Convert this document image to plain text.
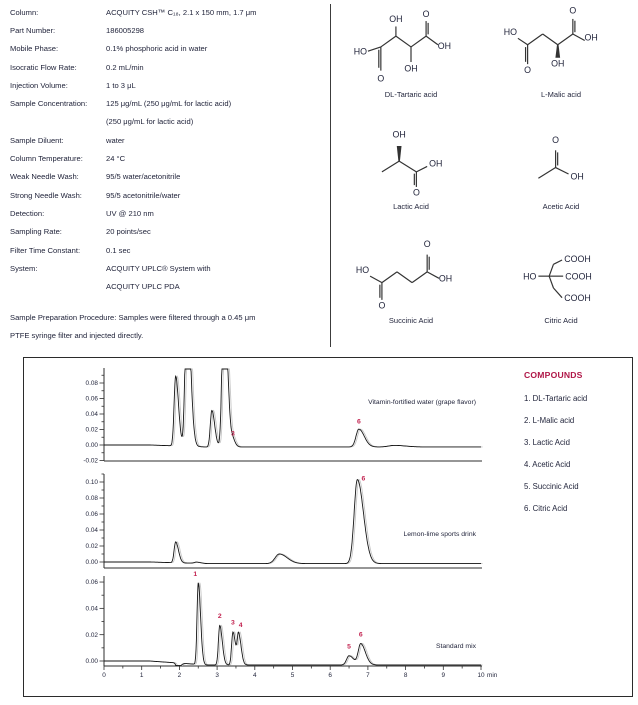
Column:	ACQUITY CSH™ C₁₈, 2.1 x 150 mm, 1.7 μm
Part Number:	186005298
Mobile Phase:	0.1% phosphoric acid in water
Isocratic Flow Rate:	0.2 mL/min
Injection Volume:	1 to 3 μL
Sample Concentration:	125 μg/mL (250 μg/mL for lactic acid)
(250 μg/mL for lactic acid)
Sample Diluent:	water
Column Temperature:	24 °C
Weak Needle Wash:	95/5 water/acetonitrile
Strong Needle Wash:	95/5 acetonitrile/water
Detection:	UV @ 210 nm
Sampling Rate:	20 points/sec
Filter Time Constant:	0.1 sec
System:	ACQUITY UPLC® System with
ACQUITY UPLC PDA
Sample Preparation Procedure: Samples were filtered through a 0.45 μm
PTFE syringe filter and injected directly.
HO
O
OH
OH
O
OH
DL-Tartaric acid
HO
O
OH
O
OH
L-Malic acid
OH
O
OH
Lactic Acid
O
OH
Acetic Acid
HO
O
O
OH
Succinic Acid
HO
COOH
COOH
COOH
Citric Acid
-0.02
0.00
0.02
0.04
0.06
0.08
3
6
Vitamin-fortified water (grape flavor)
0.00
0.02
0.04
0.06
0.08
0.10
6
Lemon-lime sports drink
0.00
0.02
0.04
0.06
0	1	2	3	4	5	6	7	8	9	10 min
1
2
3 4
5
6
Standard mix
COMPOUNDS
1. DL-Tartaric acid
2. L-Malic acid
3. Lactic Acid
4. Acetic Acid
5. Succinic Acid
6. Citric Acid
